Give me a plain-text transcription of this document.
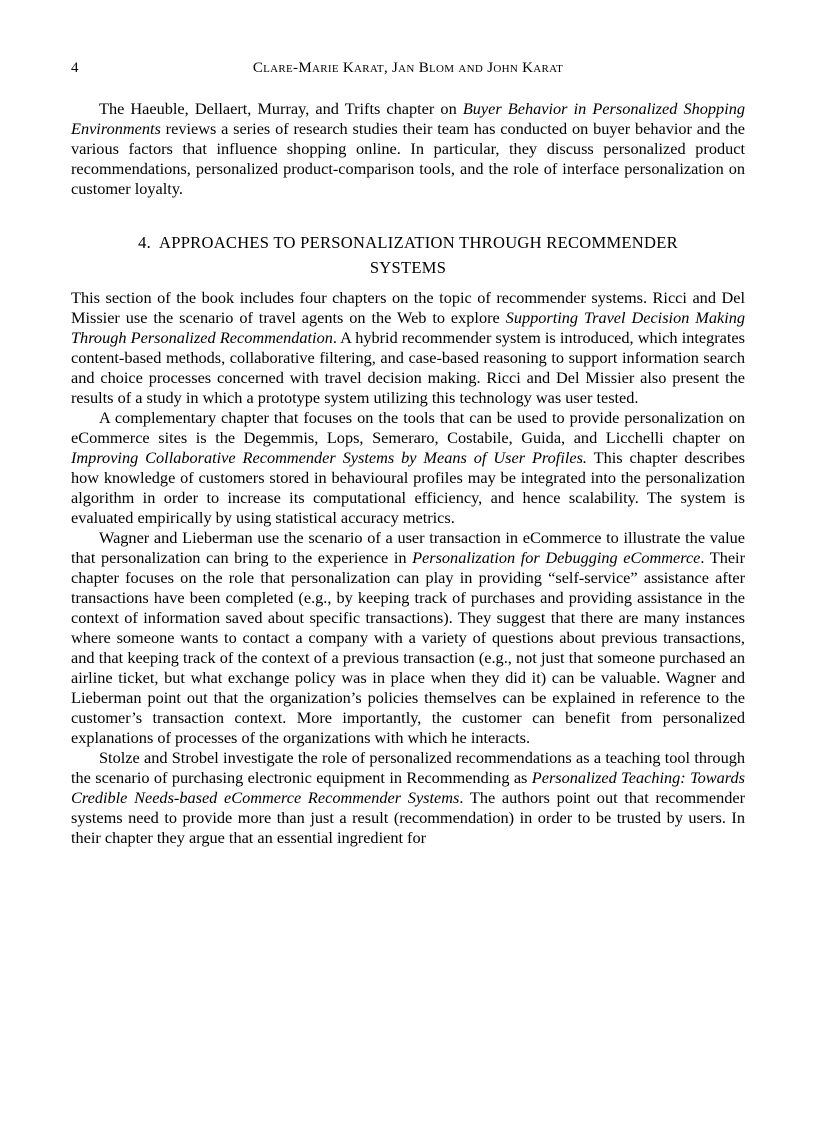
4	Clare-Marie Karat, Jan Blom and John Karat

The Haeuble, Dellaert, Murray, and Trifts chapter on Buyer Behavior in Personalized Shopping Environments reviews a series of research studies their team has conducted on buyer behavior and the various factors that influence shopping online. In particular, they discuss personalized product recommendations, personalized product-comparison tools, and the role of interface personalization on customer loyalty.

4. APPROACHES TO PERSONALIZATION THROUGH RECOMMENDER
SYSTEMS

This section of the book includes four chapters on the topic of recommender systems. Ricci and Del Missier use the scenario of travel agents on the Web to explore Supporting Travel Decision Making Through Personalized Recommendation. A hybrid recommender system is introduced, which integrates content-based methods, collaborative filtering, and case-based reasoning to support information search and choice processes concerned with travel decision making. Ricci and Del Missier also present the results of a study in which a prototype system utilizing this technology was user tested.

A complementary chapter that focuses on the tools that can be used to provide personalization on eCommerce sites is the Degemmis, Lops, Semeraro, Costabile, Guida, and Licchelli chapter on Improving Collaborative Recommender Systems by Means of User Profiles. This chapter describes how knowledge of customers stored in behavioural profiles may be integrated into the personalization algorithm in order to increase its computational efficiency, and hence scalability. The system is evaluated empirically by using statistical accuracy metrics.

Wagner and Lieberman use the scenario of a user transaction in eCommerce to illustrate the value that personalization can bring to the experience in Personalization for Debugging eCommerce. Their chapter focuses on the role that personalization can play in providing “self-service” assistance after transactions have been completed (e.g., by keeping track of purchases and providing assistance in the context of information saved about specific transactions). They suggest that there are many instances where someone wants to contact a company with a variety of questions about previous transactions, and that keeping track of the context of a previous transaction (e.g., not just that someone purchased an airline ticket, but what exchange policy was in place when they did it) can be valuable. Wagner and Lieberman point out that the organization’s policies themselves can be explained in reference to the customer’s transaction context. More importantly, the customer can benefit from personalized explanations of processes of the organizations with which he interacts.

Stolze and Strobel investigate the role of personalized recommendations as a teaching tool through the scenario of purchasing electronic equipment in Recommending as Personalized Teaching: Towards Credible Needs-based eCommerce Recommender Systems. The authors point out that recommender systems need to provide more than just a result (recommendation) in order to be trusted by users. In their chapter they argue that an essential ingredient for
